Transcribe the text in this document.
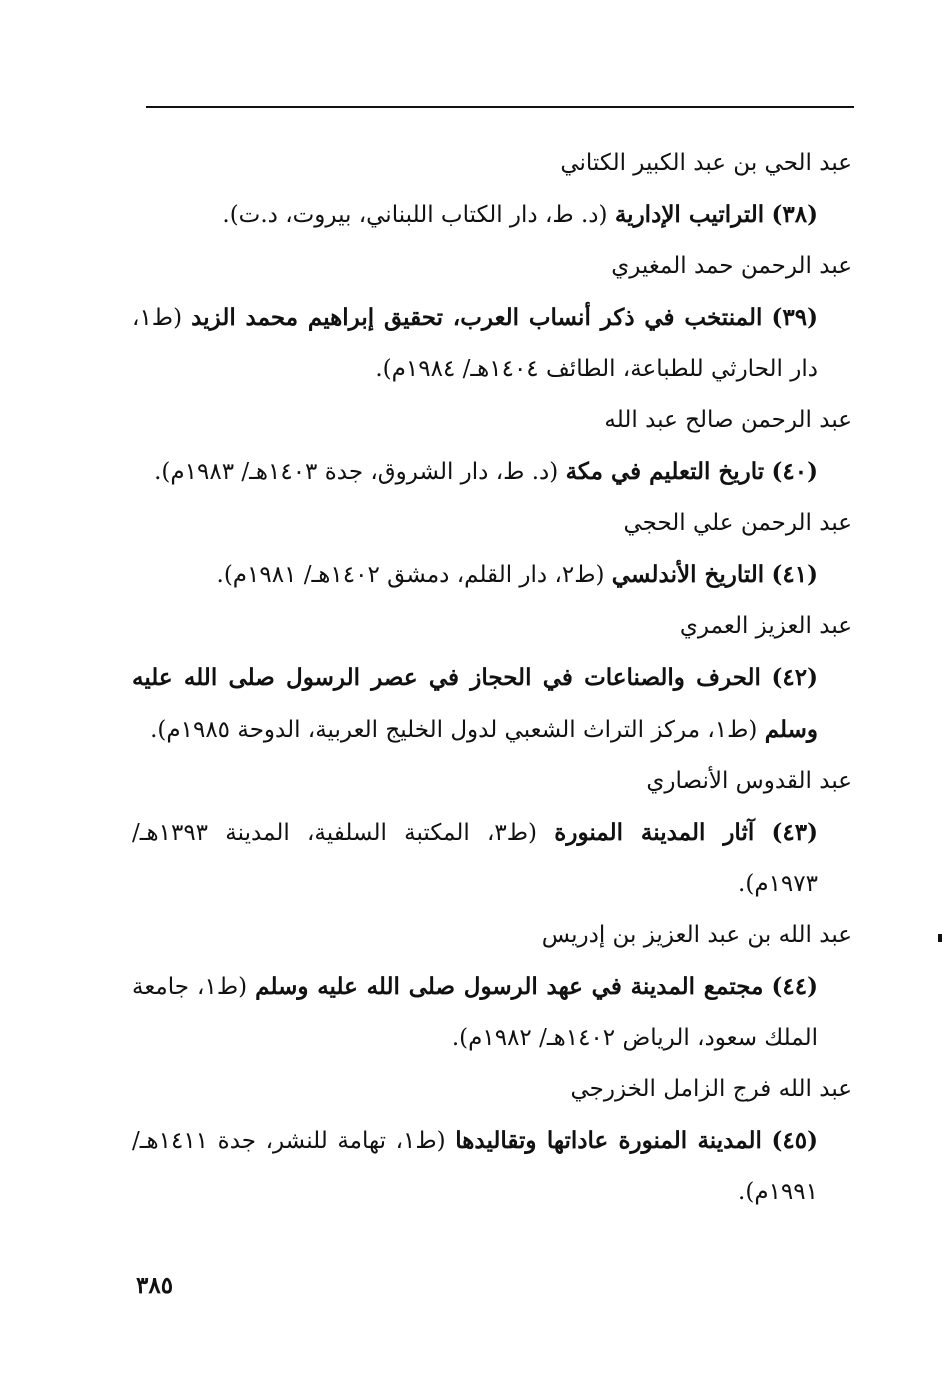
عبد الحي بن عبد الكبير الكتاني

(٣٨) التراتيب الإدارية (د. ط، دار الكتاب اللبناني، بيروت، د.ت).

عبد الرحمن حمد المغيري

(٣٩) المنتخب في ذكر أنساب العرب، تحقيق إبراهيم محمد الزيد (ط١، دار الحارثي للطباعة، الطائف ١٤٠٤هـ/ ١٩٨٤م).

عبد الرحمن صالح عبد الله

(٤٠) تاريخ التعليم في مكة (د. ط، دار الشروق، جدة ١٤٠٣هـ/ ١٩٨٣م).

عبد الرحمن علي الحجي

(٤١) التاريخ الأندلسي (ط٢، دار القلم، دمشق ١٤٠٢هـ/ ١٩٨١م).

عبد العزيز العمري

(٤٢) الحرف والصناعات في الحجاز في عصر الرسول صلى الله عليه وسلم (ط١، مركز التراث الشعبي لدول الخليج العربية، الدوحة ١٩٨٥م).

عبد القدوس الأنصاري

(٤٣) آثار المدينة المنورة (ط٣، المكتبة السلفية، المدينة ١٣٩٣هـ/ ١٩٧٣م).

عبد الله بن عبد العزيز بن إدريس

(٤٤) مجتمع المدينة في عهد الرسول صلى الله عليه وسلم (ط١، جامعة الملك سعود، الرياض ١٤٠٢هـ/ ١٩٨٢م).

عبد الله فرج الزامل الخزرجي

(٤٥) المدينة المنورة عاداتها وتقاليدها (ط١، تهامة للنشر، جدة ١٤١١هـ/ ١٩٩١م).

٣٨٥
